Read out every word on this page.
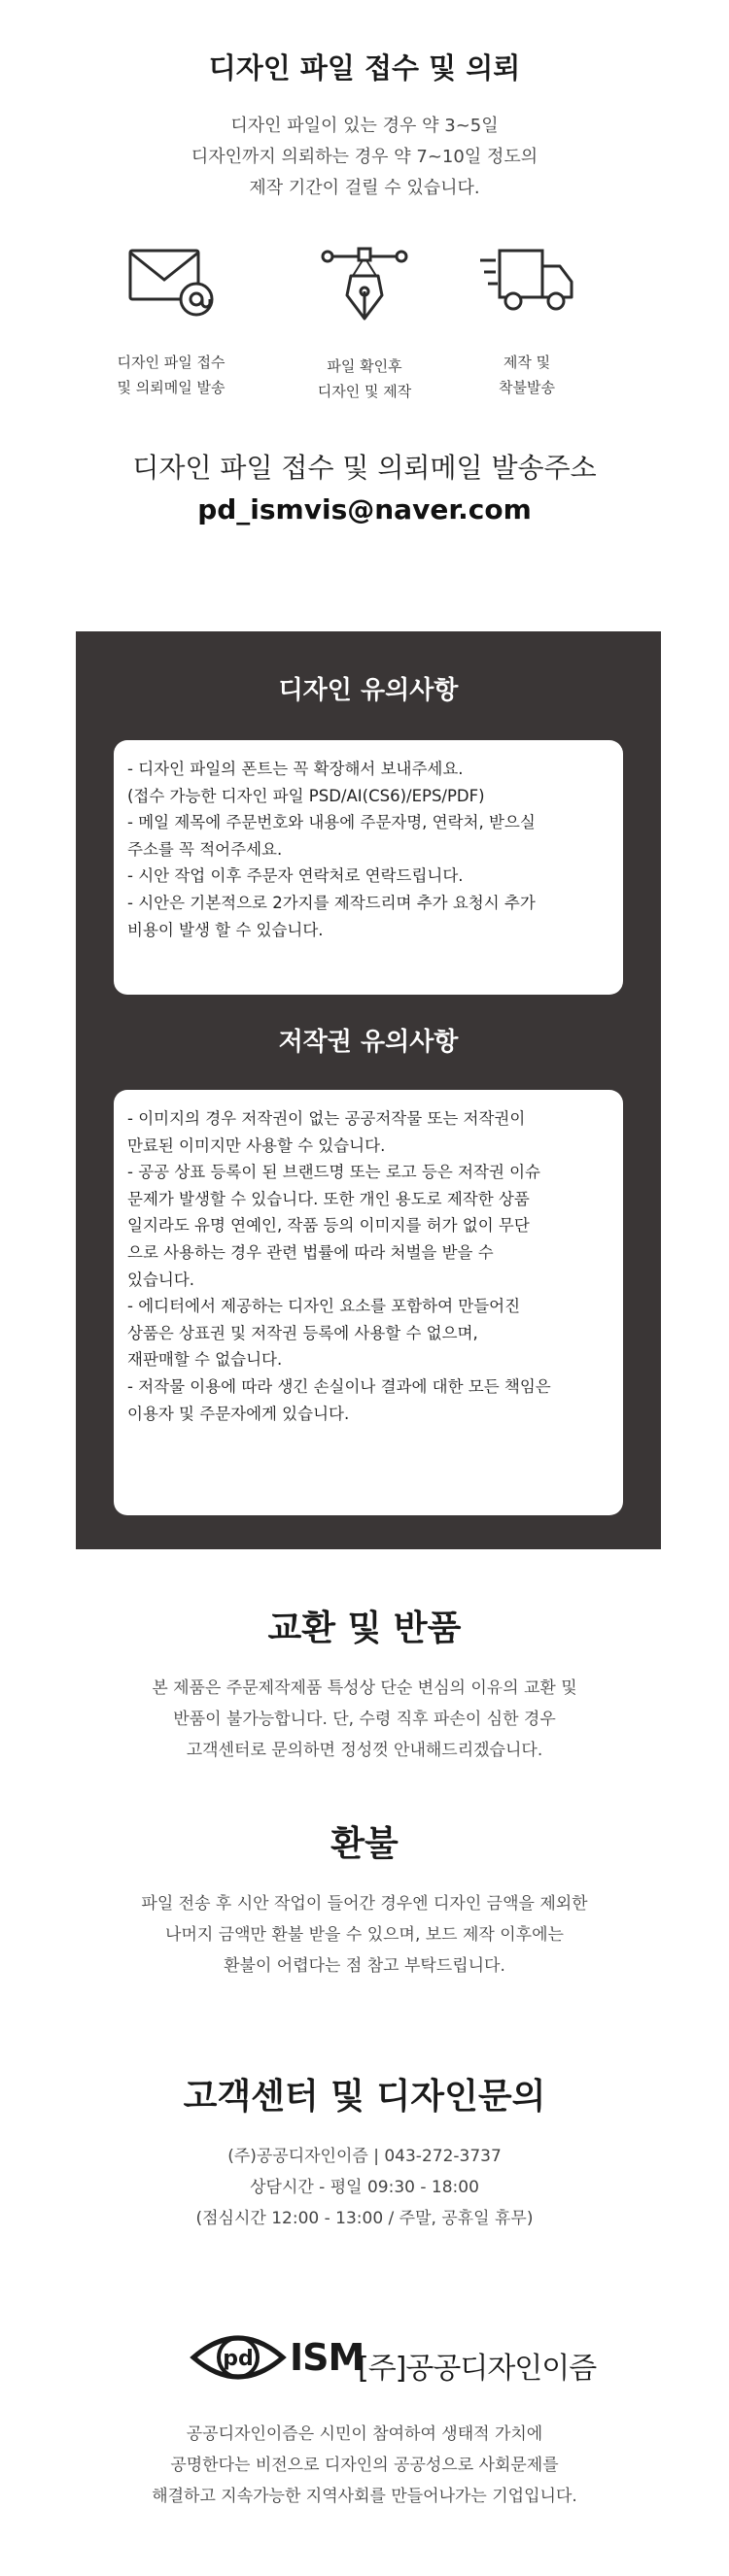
디자인 파일 접수 및 의뢰
디자인 파일이 있는 경우 약 3~5일
디자인까지 의뢰하는 경우 약 7~10일 정도의
제작 기간이 걸릴 수 있습니다.
디자인 파일 접수
및 의뢰메일 발송
파일 확인후
디자인 및 제작
제작 및
착불발송
디자인 파일 접수 및 의뢰메일 발송주소
pd_ismvis@naver.com
디자인 유의사항
- 디자인 파일의 폰트는 꼭 확장해서 보내주세요.
(접수 가능한 디자인 파일 PSD/AI(CS6)/EPS/PDF)
- 메일 제목에 주문번호와 내용에 주문자명, 연락처, 받으실
주소를 꼭 적어주세요.
- 시안 작업 이후 주문자 연락처로 연락드립니다.
- 시안은 기본적으로 2가지를 제작드리며 추가 요청시 추가
비용이 발생 할 수 있습니다.
저작권 유의사항
- 이미지의 경우 저작권이 없는 공공저작물 또는 저작권이
만료된 이미지만 사용할 수 있습니다.
- 공공 상표 등록이 된 브랜드명 또는 로고 등은 저작권 이슈
문제가 발생할 수 있습니다. 또한 개인 용도로 제작한 상품
일지라도 유명 연예인, 작품 등의 이미지를 허가 없이 무단
으로 사용하는 경우 관련 법률에 따라 처벌을 받을 수
있습니다.
- 에디터에서 제공하는 디자인 요소를 포함하여 만들어진
상품은 상표권 및 저작권 등록에 사용할 수 없으며,
재판매할 수 없습니다.
- 저작물 이용에 따라 생긴 손실이나 결과에 대한 모든 책임은
이용자 및 주문자에게 있습니다.
교환 및 반품
본 제품은 주문제작제품 특성상 단순 변심의 이유의 교환 및
반품이 불가능합니다. 단, 수령 직후 파손이 심한 경우
고객센터로 문의하면 정성껏 안내해드리겠습니다.
환불
파일 전송 후 시안 작업이 들어간 경우엔 디자인 금액을 제외한
나머지 금액만 환불 받을 수 있으며, 보드 제작 이후에는
환불이 어렵다는 점 참고 부탁드립니다.
고객센터 및 디자인문의
(주)공공디자인이즘 | 043-272-3737
상담시간 - 평일 09:30 - 18:00
(점심시간 12:00 - 13:00 / 주말, 공휴일 휴무)
pd ISM
[주]공공디자인이즘
공공디자인이즘은 시민이 참여하여 생태적 가치에
공명한다는 비전으로 디자인의 공공성으로 사회문제를
해결하고 지속가능한 지역사회를 만들어나가는 기업입니다.
